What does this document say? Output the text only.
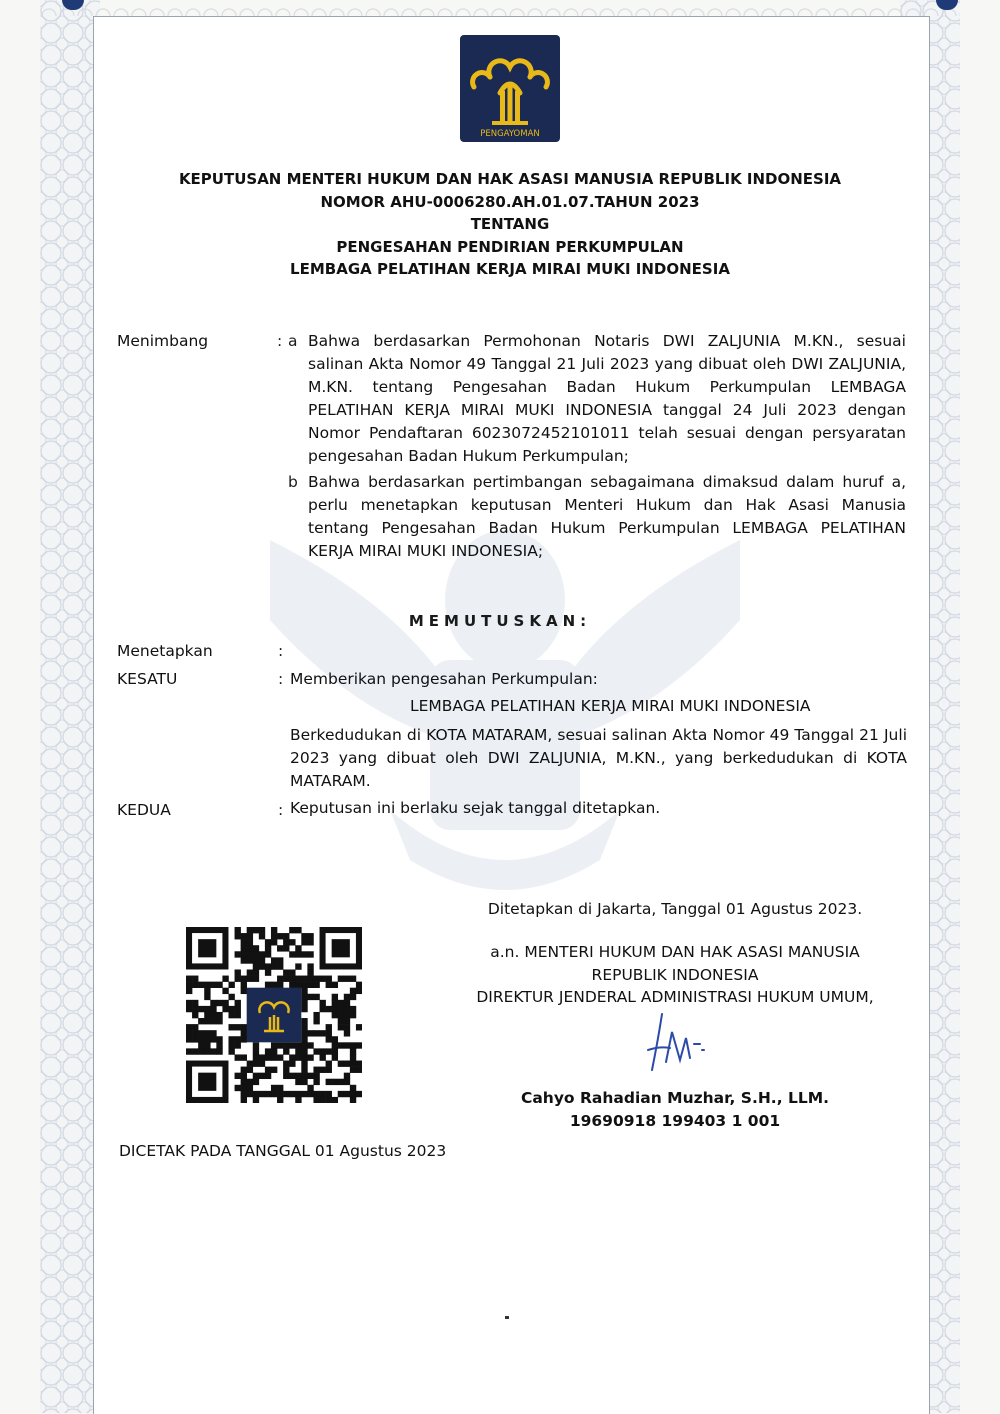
PENGAYOMAN
KEPUTUSAN MENTERI HUKUM DAN HAK ASASI MANUSIA REPUBLIK INDONESIA
NOMOR AHU-0006280.AH.01.07.TAHUN 2023
TENTANG
PENGESAHAN PENDIRIAN PERKUMPULAN
LEMBAGA PELATIHAN KERJA MIRAI MUKI INDONESIA
Menimbang	: a Bahwa berdasarkan Permohonan Notaris DWI ZALJUNIA M.KN., sesuai salinan Akta Nomor 49 Tanggal 21 Juli 2023 yang dibuat oleh DWI ZALJUNIA, M.KN. tentang Pengesahan Badan Hukum Perkumpulan LEMBAGA PELATIHAN KERJA MIRAI MUKI INDONESIA tanggal 24 Juli 2023 dengan Nomor Pendaftaran 6023072452101011 telah sesuai dengan persyaratan pengesahan Badan Hukum Perkumpulan;
b Bahwa berdasarkan pertimbangan sebagaimana dimaksud dalam huruf a, perlu menetapkan keputusan Menteri Hukum dan Hak Asasi Manusia tentang Pengesahan Badan Hukum Perkumpulan LEMBAGA PELATIHAN KERJA MIRAI MUKI INDONESIA;
MEMUTUSKAN:
Menetapkan	:
KESATU	: Memberikan pengesahan Perkumpulan:
LEMBAGA PELATIHAN KERJA MIRAI MUKI INDONESIA
Berkedudukan di KOTA MATARAM, sesuai salinan Akta Nomor 49 Tanggal 21 Juli 2023 yang dibuat oleh DWI ZALJUNIA, M.KN., yang berkedudukan di KOTA MATARAM.
KEDUA	: Keputusan ini berlaku sejak tanggal ditetapkan.
Ditetapkan di Jakarta, Tanggal 01 Agustus 2023.
a.n. MENTERI HUKUM DAN HAK ASASI MANUSIA
REPUBLIK INDONESIA
DIREKTUR JENDERAL ADMINISTRASI HUKUM UMUM,
Cahyo Rahadian Muzhar, S.H., LLM.
19690918 199403 1 001
DICETAK PADA TANGGAL 01 Agustus 2023
